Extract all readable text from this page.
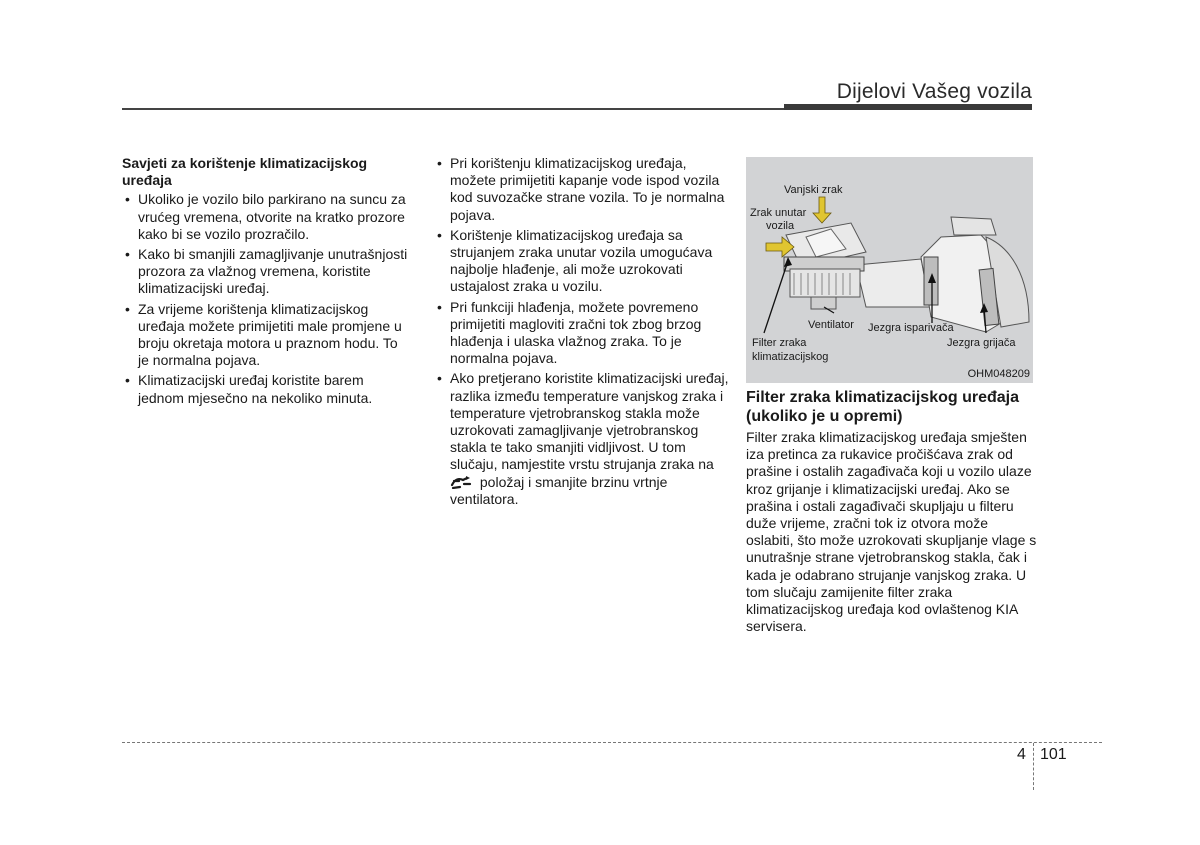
Dijelovi Vašeg vozila
Savjeti za korištenje klimatizacijskog uređaja
• Ukoliko je vozilo bilo parkirano na suncu za vrućeg vremena, otvorite na kratko prozore kako bi se vozilo prozračilo.
• Kako bi smanjili zamagljivanje unutrašnjosti prozora za vlažnog vremena, koristite klimatizacijski uređaj.
• Za vrijeme korištenja klimatizacijskog uređaja možete primijetiti male promjene u broju okretaja motora u praznom hodu. To je normalna pojava.
• Klimatizacijski uređaj koristite barem jednom mjesečno na nekoliko minuta.
• Pri korištenju klimatizacijskog uređaja, možete primijetiti kapanje vode ispod vozila kod suvozačke strane vozila. To je normalna pojava.
• Korištenje klimatizacijskog uređaja sa strujanjem zraka unutar vozila umogućava najbolje hlađenje, ali može uzrokovati ustajalost zraka u vozilu.
• Pri funkciji hlađenja, možete povremeno primijetiti magloviti zračni tok zbog brzog hlađenja i ulaska vlažnog zraka. To je normalna pojava.
• Ako pretjerano koristite klimatizacijski uređaj, razlika između temperature vanjskog zraka i temperature vjetrobranskog stakla može uzrokovati zamagljivanje vjetrobranskog stakla te tako smanjiti vidljivost. U tom slučaju, namjestite vrstu strujanja zraka na  položaj i smanjite brzinu vrtnje ventilatora.
Vanjski zrak
Zrak unutar
vozila
Ventilator Jezgra isparivača
Filter zraka
klimatizacijskog
Jezgra grijača
OHM048209
Filter zraka klimatizacijskog uređaja (ukoliko je u opremi)

Filter zraka klimatizacijskog uređaja smješten iza pretinca za rukavice pročišćava zrak od prašine i ostalih zagađivača koji u vozilo ulaze kroz grijanje i klimatizacijski uređaj. Ako se prašina i ostali zagađivači skupljaju u filteru duže vrijeme, zračni tok iz otvora može oslabiti, što može uzrokovati skupljanje vlage s unutrašnje strane vjetrobranskog stakla, čak i kada je odabrano strujanje vanjskog zraka. U tom slučaju zamijenite filter zraka klimatizacijskog uređaja kod ovlaštenog KIA servisera.

4 101
